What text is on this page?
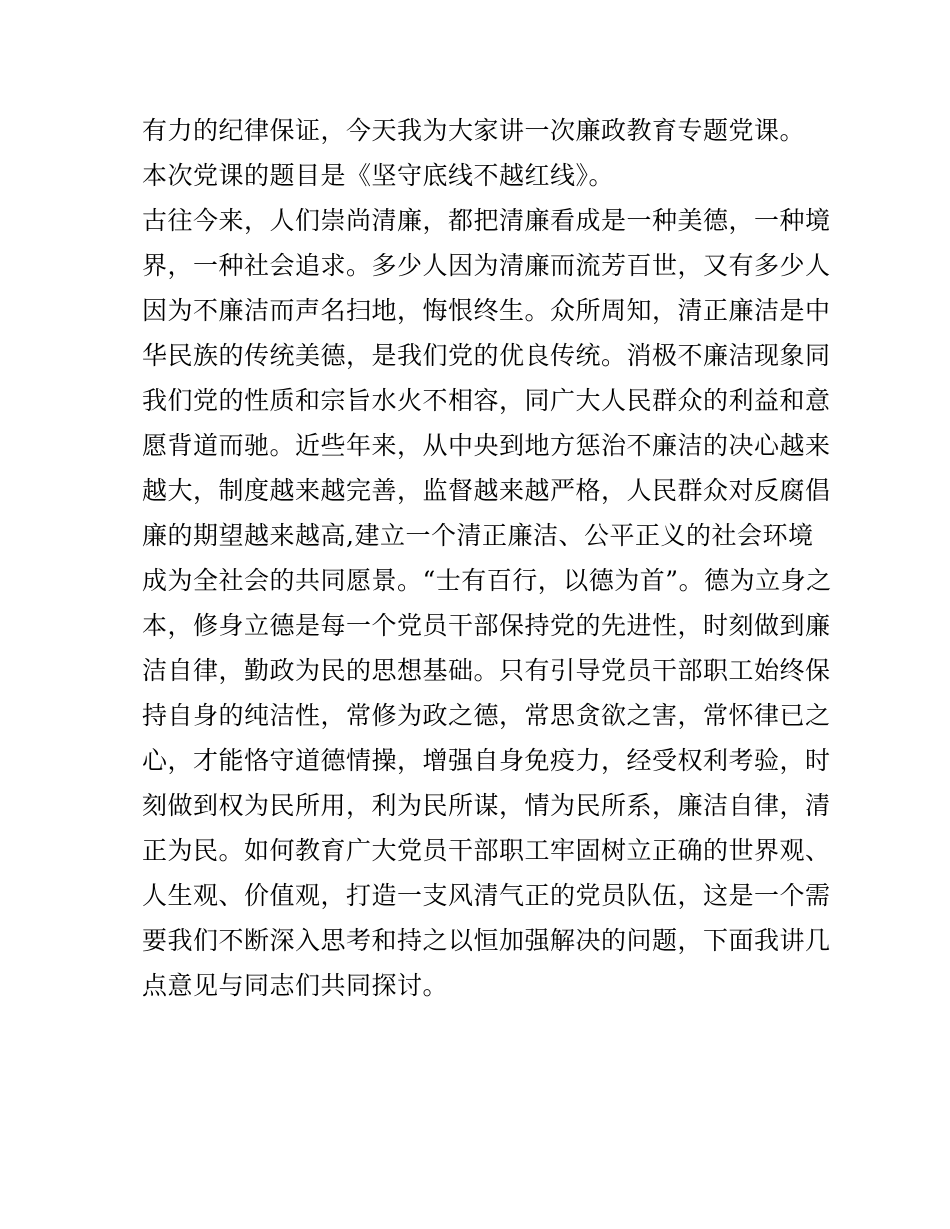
有力的纪律保证，今天我为大家讲一次廉政教育专题党课。
本次党课的题目是《坚守底线不越红线》。
古往今来，人们崇尚清廉，都把清廉看成是一种美德，一种境
界，一种社会追求。多少人因为清廉而流芳百世，又有多少人
因为不廉洁而声名扫地，悔恨终生。众所周知，清正廉洁是中
华民族的传统美德，是我们党的优良传统。消极不廉洁现象同
我们党的性质和宗旨水火不相容，同广大人民群众的利益和意
愿背道而驰。近些年来，从中央到地方惩治不廉洁的决心越来
越大，制度越来越完善，监督越来越严格，人民群众对反腐倡
廉的期望越来越高,建立一个清正廉洁、公平正义的社会环境
成为全社会的共同愿景。“士有百行，以德为首”。德为立身之
本，修身立德是每一个党员干部保持党的先进性，时刻做到廉
洁自律，勤政为民的思想基础。只有引导党员干部职工始终保
持自身的纯洁性，常修为政之德，常思贪欲之害，常怀律已之
心，才能恪守道德情操，增强自身免疫力，经受权利考验，时
刻做到权为民所用，利为民所谋，情为民所系，廉洁自律，清
正为民。如何教育广大党员干部职工牢固树立正确的世界观、
人生观、价值观，打造一支风清气正的党员队伍，这是一个需
要我们不断深入思考和持之以恒加强解决的问题，下面我讲几
点意见与同志们共同探讨。
